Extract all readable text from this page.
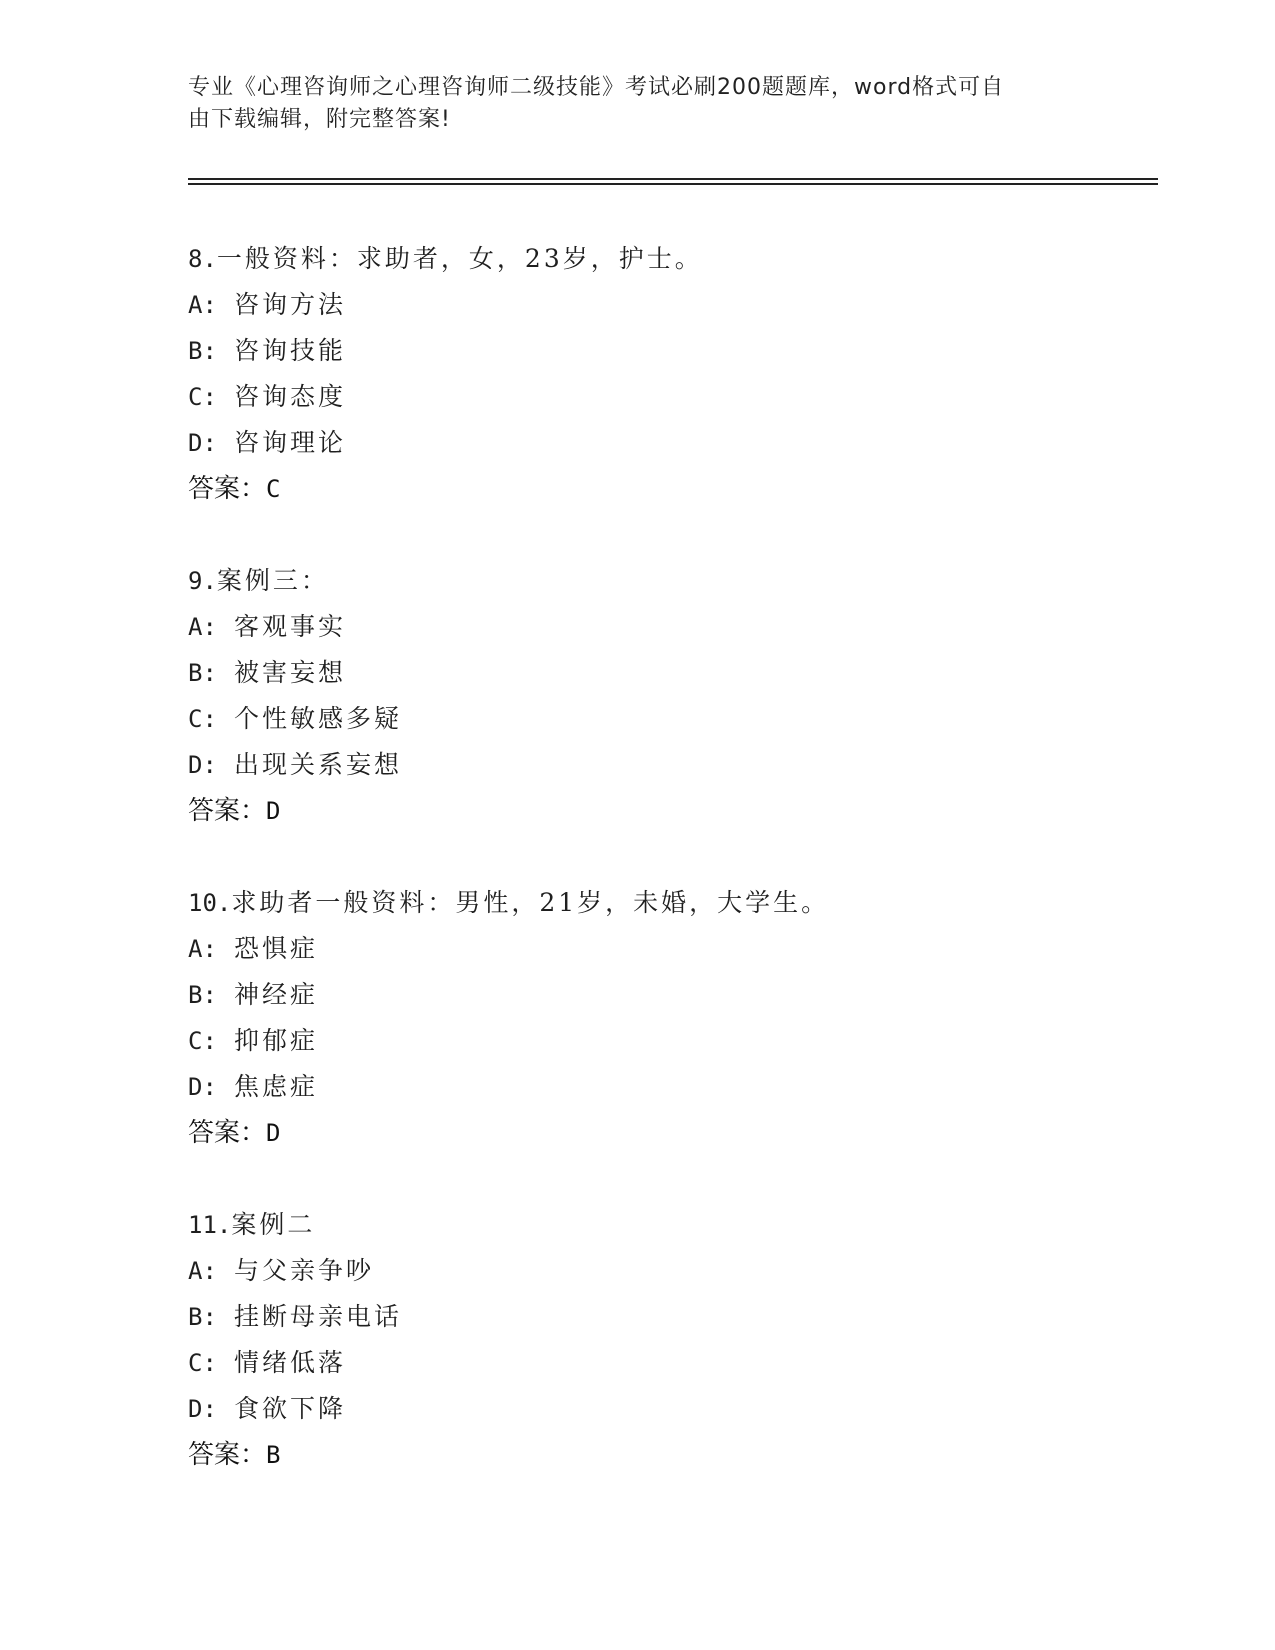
专业《心理咨询师之心理咨询师二级技能》考试必刷200题题库，word格式可自
由下载编辑，附完整答案!
8.一般资料：求助者，女，23岁，护士。
A: 咨询方法
B: 咨询技能
C: 咨询态度
D: 咨询理论
答案：C
9.案例三：
A: 客观事实
B: 被害妄想
C: 个性敏感多疑
D: 出现关系妄想
答案：D
10.求助者一般资料：男性，21岁，未婚，大学生。
A: 恐惧症
B: 神经症
C: 抑郁症
D: 焦虑症
答案：D
11.案例二
A: 与父亲争吵
B: 挂断母亲电话
C: 情绪低落
D: 食欲下降
答案：B
